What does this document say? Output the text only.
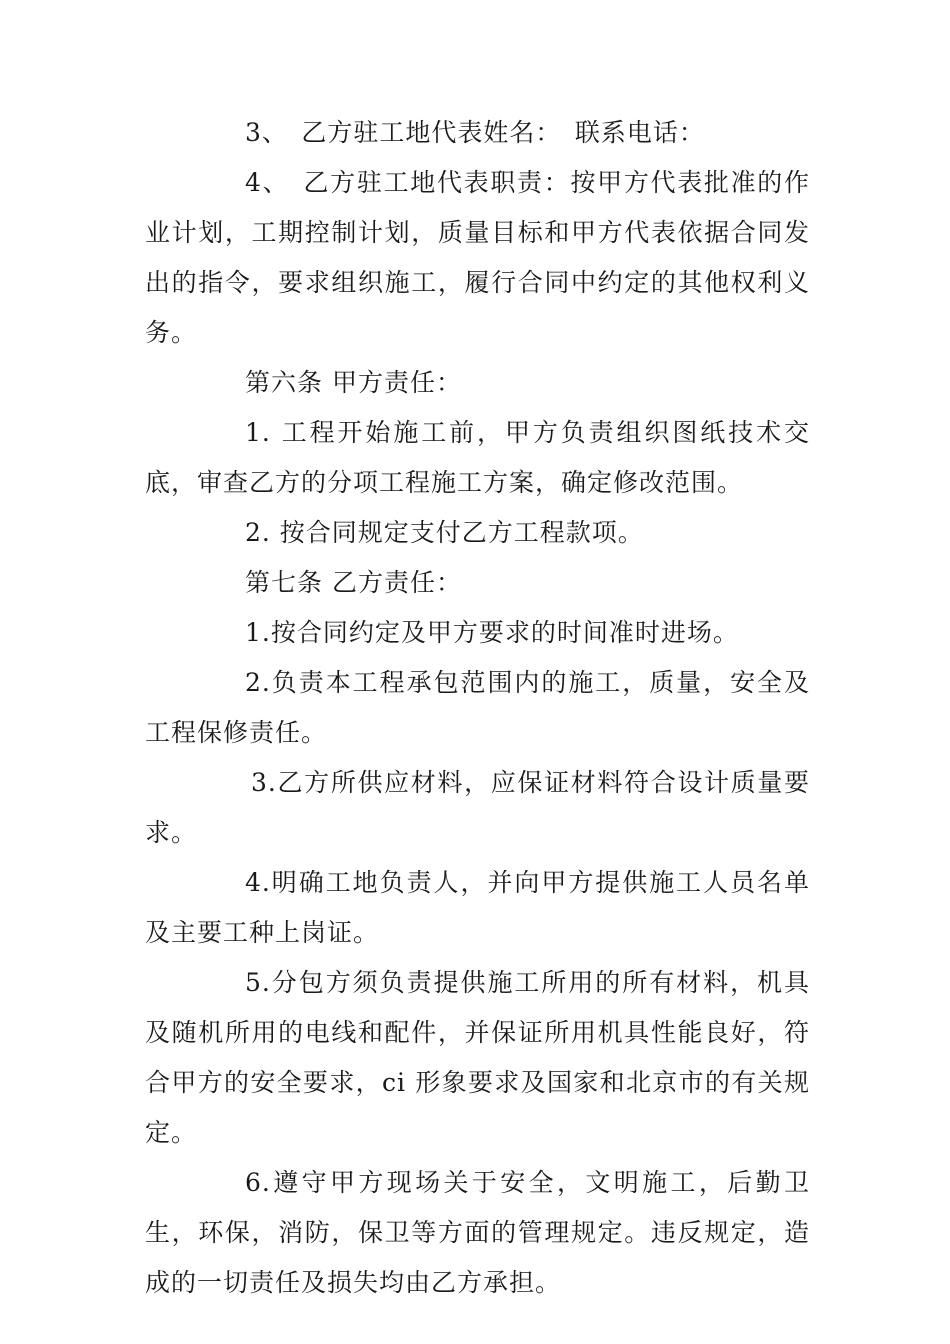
3、　乙方驻工地代表姓名：　联系电话：

4、　乙方驻工地代表职责：按甲方代表批准的作业计划，工期控制计划，质量目标和甲方代表依据合同发出的指令，要求组织施工，履行合同中约定的其他权利义务。

第六条 甲方责任：

1. 工程开始施工前，甲方负责组织图纸技术交底，审查乙方的分项工程施工方案，确定修改范围。

2. 按合同规定支付乙方工程款项。

第七条 乙方责任：

1.按合同约定及甲方要求的时间准时进场。

2.负责本工程承包范围内的施工，质量，安全及工程保修责任。

3.乙方所供应材料，应保证材料符合设计质量要求。

4.明确工地负责人，并向甲方提供施工人员名单及主要工种上岗证。

5.分包方须负责提供施工所用的所有材料，机具及随机所用的电线和配件，并保证所用机具性能良好，符合甲方的安全要求，ci 形象要求及国家和北京市的有关规定。

6.遵守甲方现场关于安全，文明施工，后勤卫生，环保，消防，保卫等方面的管理规定。违反规定，造成的一切责任及损失均由乙方承担。
